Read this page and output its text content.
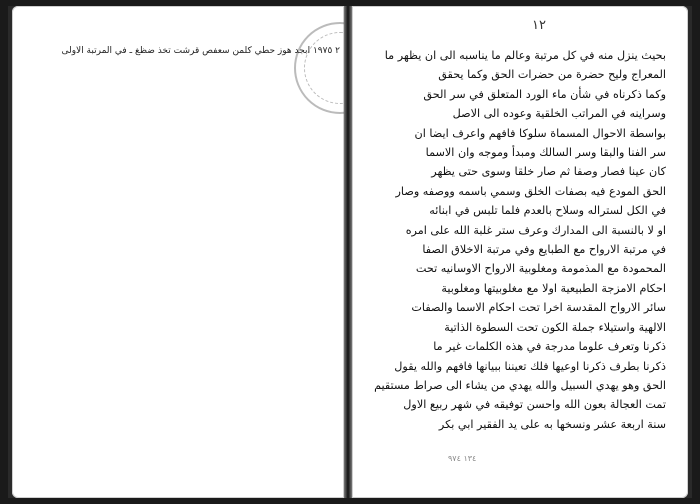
٢ ١٩٧٥ ابجد هوز حطي كلمن سعفص قرشت تخذ ضظغ ـ في المرتبة الاولى
١٢
بحيث ينزل منه في كل مرتبة وعالم ما يناسبه الى ان يظهر ما
المعراج وليح حضرة من حضرات الحق وكما يحقق
وكما ذكرناه في شأن ماء الورد المتعلق في سر الحق
وسراينه في المراتب الخلقية وعوده الى الاصل
بواسطة الاحوال المسماة سلوكا فافهم واعرف ايضا ان
سر الفنا والبقا وسر السالك ومبدأ وموجه وان الاسما
كان عينا فصار وصفا ثم صار خلقا وسوى حتى يظهر
الحق المودع فيه بصفات الخلق وسمي باسمه ووصفه وصار
في الكل لستراله وسلاح بالعدم فلما تلبس في ابنائه
او لا بالنسبة الى المدارك وعرف ستر غلبة الله على امره
في مرتبة الارواح مع الطبايع وفي مرتبة الاخلاق الصفا
المحمودة مع المذمومة ومغلوبية الارواح الاوسانيه تحت
احكام الامزجة الطبيعية اولا مع مغلوبيتها ومغلوبية
سائر الارواح المقدسة اخرا تحت احكام الاسما والصفات
الالهية واستيلاء جملة الكون تحت السطوة الذاتية
ذكرنا وتعرف علوما مدرجة في هذه الكلمات غير ما
ذكرنا بطرف ذكرنا اوعيها فلك تعيننا ببيانها فافهم والله يقول
الحق وهو يهدي السبيل والله يهدي من يشاء الى صراط مستقيم
تمت العجالة بعون الله واحسن توفيقه في شهر ربيع الاول
سنة اربعة عشر ونسخها به على يد الفقير ابي بكر
١٣٤ ٩٧٤
